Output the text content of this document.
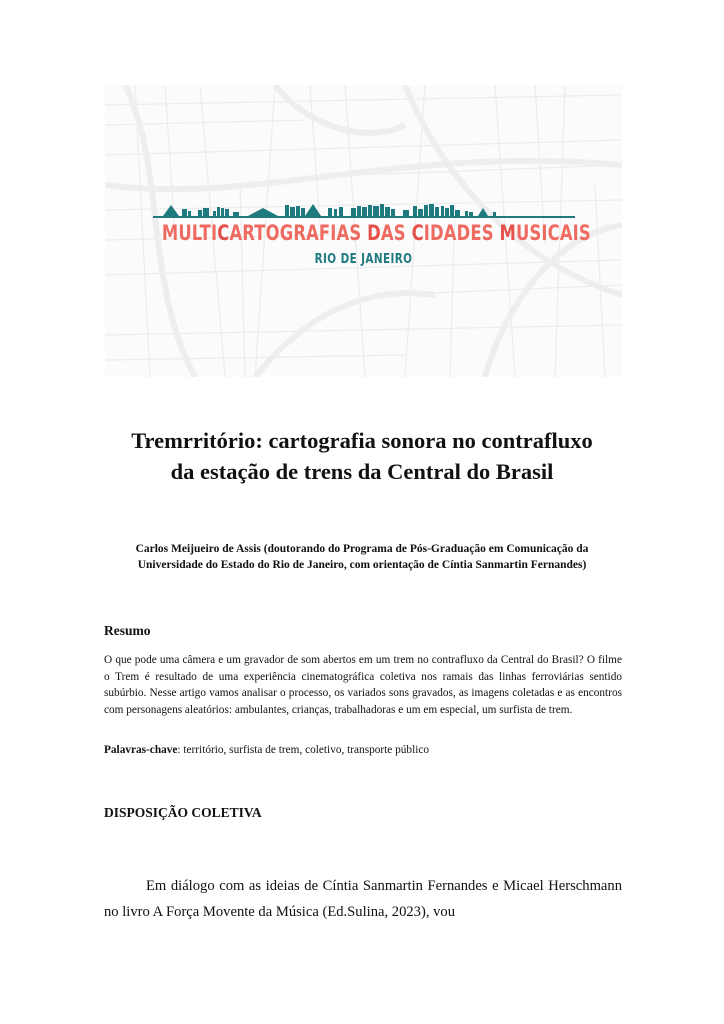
MULTICARTOGRAFIAS DAS CIDADES MUSICAIS
RIO DE JANEIRO
Tremrritório: cartografia sonora no contrafluxo
da estação de trens da Central do Brasil
Carlos Meijueiro de Assis (doutorando do Programa de Pós-Graduação em Comunicação da
Universidade do Estado do Rio de Janeiro, com orientação de Cíntia Sanmartin Fernandes)
Resumo
O que pode uma câmera e um gravador de som abertos em um trem no contrafluxo da Central do Brasil? O filme o Trem é resultado de uma experiência cinematográfica coletiva nos ramais das linhas ferroviárias sentido subúrbio. Nesse artigo vamos analisar o processo, os variados sons gravados, as imagens coletadas e as encontros com personagens aleatórios: ambulantes, crianças, trabalhadoras e um em especial, um surfista de trem.
Palavras-chave: território, surfista de trem, coletivo, transporte público
DISPOSIÇÃO COLETIVA
Em diálogo com as ideias de Cíntia Sanmartin Fernandes e Micael Herschmann no livro A Força Movente da Música (Ed.Sulina, 2023), vou
